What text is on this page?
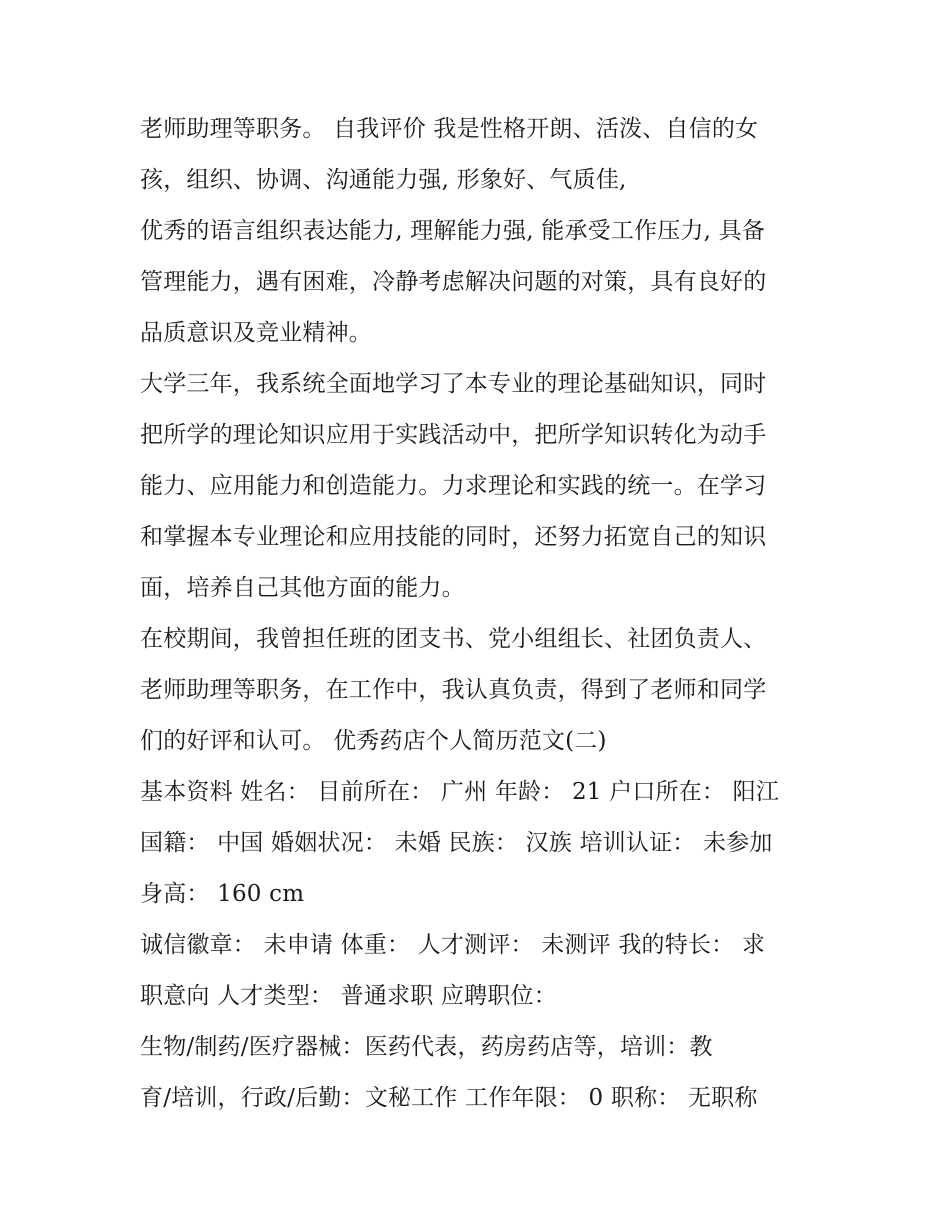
老师助理等职务。 自我评价 我是性格开朗、活泼、自信的女
孩，组织、协调、沟通能力强, 形象好、气质佳,
优秀的语言组织表达能力, 理解能力强, 能承受工作压力, 具备
管理能力，遇有困难，冷静考虑解决问题的对策，具有良好的
品质意识及竞业精神。
大学三年，我系统全面地学习了本专业的理论基础知识，同时
把所学的理论知识应用于实践活动中，把所学知识转化为动手
能力、应用能力和创造能力。力求理论和实践的统一。在学习
和掌握本专业理论和应用技能的同时，还努力拓宽自己的知识
面，培养自己其他方面的能力。
在校期间，我曾担任班的团支书、党小组组长、社团负责人、
老师助理等职务，在工作中，我认真负责，得到了老师和同学
们的好评和认可。 优秀药店个人简历范文(二)
基本资料 姓名： 目前所在： 广州 年龄： 21 户口所在： 阳江
国籍： 中国 婚姻状况： 未婚 民族： 汉族 培训认证： 未参加
身高： 160 cm
诚信徽章： 未申请 体重： 人才测评： 未测评 我的特长： 求
职意向 人才类型： 普通求职 应聘职位：
生物/制药/医疗器械：医药代表，药房药店等，培训：教
育/培训，行政/后勤：文秘工作 工作年限： 0 职称： 无职称
